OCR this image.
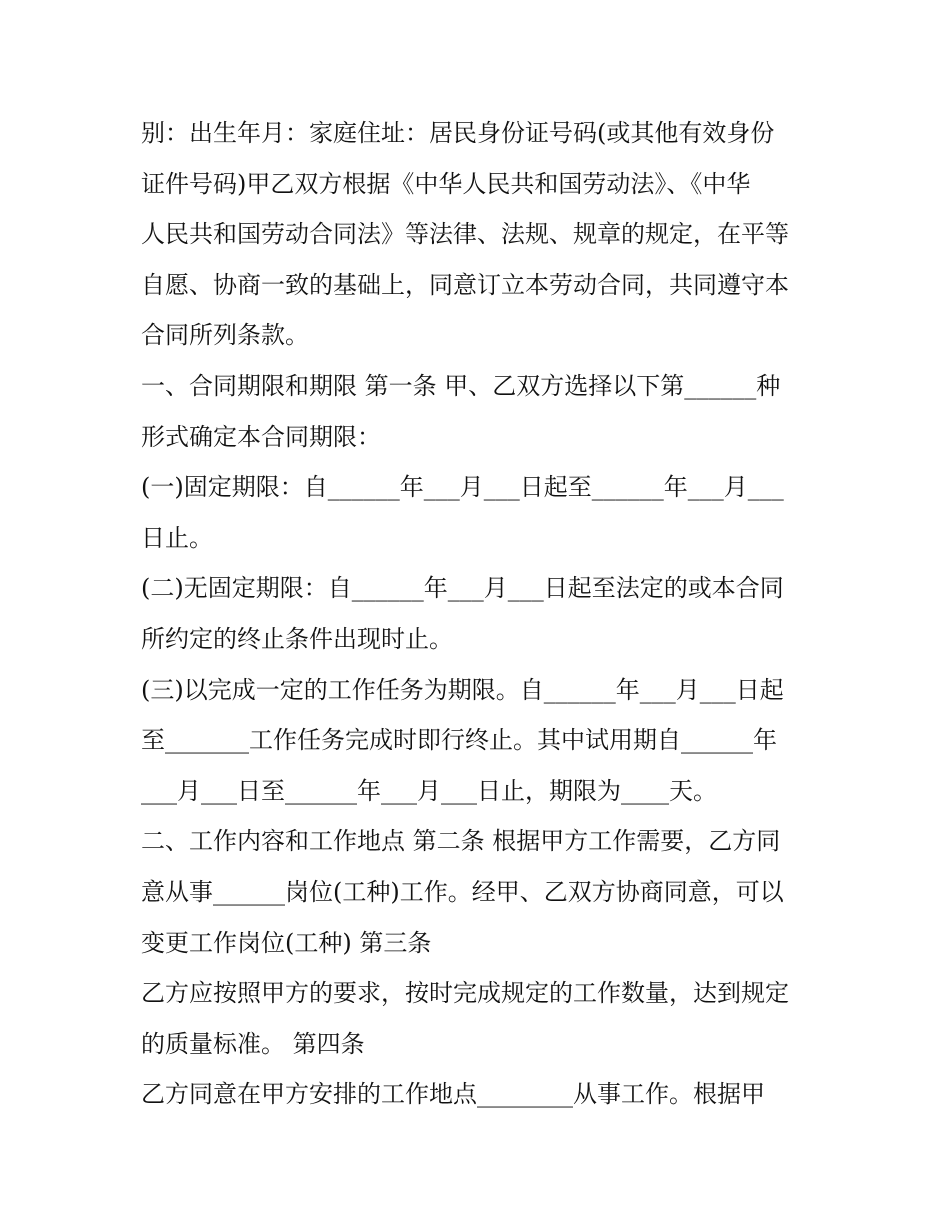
别：出生年月：家庭住址：居民身份证号码(或其他有效身份
证件号码)甲乙双方根据《中华人民共和国劳动法》、《中华
人民共和国劳动合同法》等法律、法规、规章的规定，在平等
自愿、协商一致的基础上，同意订立本劳动合同，共同遵守本
合同所列条款。
一、合同期限和期限 第一条 甲、乙双方选择以下第______种
形式确定本合同期限：
(一)固定期限：自______年___月___日起至______年___月___
日止。
(二)无固定期限：自______年___月___日起至法定的或本合同
所约定的终止条件出现时止。
(三)以完成一定的工作任务为期限。自______年___月___日起
至_______工作任务完成时即行终止。其中试用期自______年
___月___日至______年___月___日止，期限为____天。
二、工作内容和工作地点 第二条 根据甲方工作需要，乙方同
意从事______岗位(工种)工作。经甲、乙双方协商同意，可以
变更工作岗位(工种) 第三条
乙方应按照甲方的要求，按时完成规定的工作数量，达到规定
的质量标准。 第四条
乙方同意在甲方安排的工作地点________从事工作。根据甲
